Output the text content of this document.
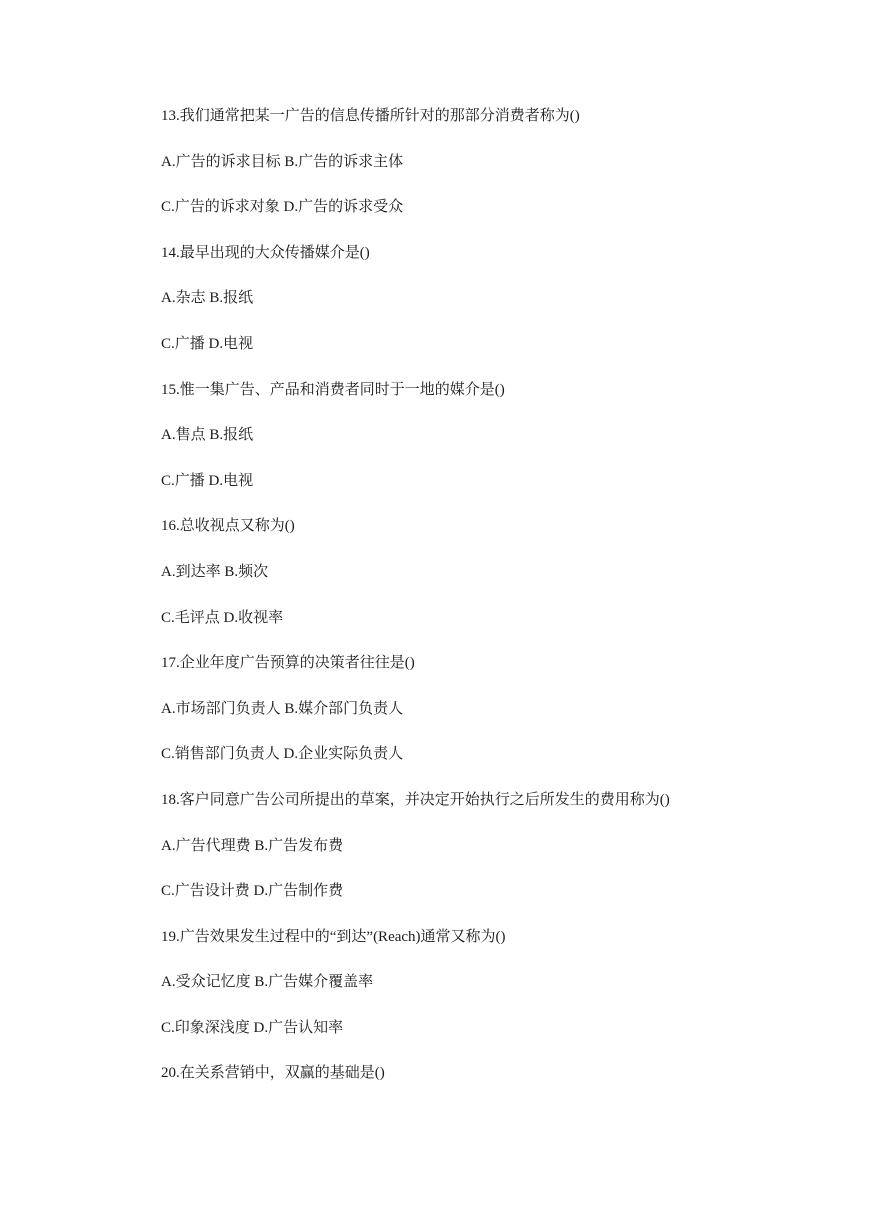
13.我们通常把某一广告的信息传播所针对的那部分消费者称为()
A.广告的诉求目标 B.广告的诉求主体
C.广告的诉求对象 D.广告的诉求受众
14.最早出现的大众传播媒介是()
A.杂志 B.报纸
C.广播 D.电视
15.惟一集广告、产品和消费者同时于一地的媒介是()
A.售点 B.报纸
C.广播 D.电视
16.总收视点又称为()
A.到达率 B.频次
C.毛评点 D.收视率
17.企业年度广告预算的决策者往往是()
A.市场部门负责人 B.媒介部门负责人
C.销售部门负责人 D.企业实际负责人
18.客户同意广告公司所提出的草案，并决定开始执行之后所发生的费用称为()
A.广告代理费 B.广告发布费
C.广告设计费 D.广告制作费
19.广告效果发生过程中的“到达”(Reach)通常又称为()
A.受众记忆度 B.广告媒介覆盖率
C.印象深浅度 D.广告认知率
20.在关系营销中，双赢的基础是()
